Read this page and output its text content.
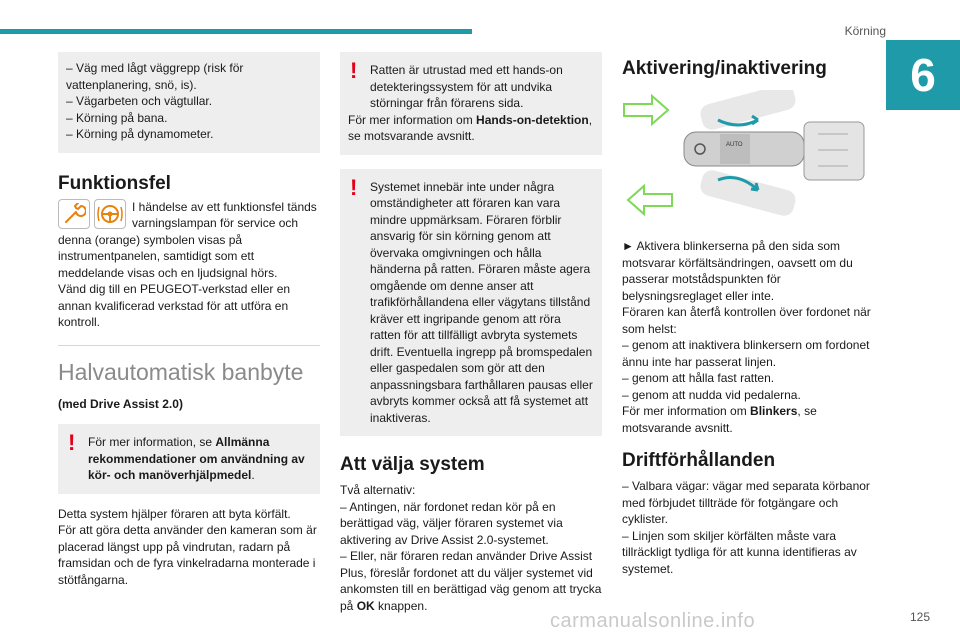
Körning
6

– Väg med lågt väggrepp (risk för vattenplanering, snö, is).

– Vägarbeten och vägtullar.

– Körning på bana.

– Körning på dynamometer.

Funktionsfel

I händelse av ett funktionsfel tänds varningslampan för service och denna (orange) symbolen visas på instrumentpanelen, samtidigt som ett meddelande visas och en ljudsignal hörs.

Vänd dig till en PEUGEOT-verkstad eller en annan kvalificerad verkstad för att utföra en kontroll.

Halvautomatisk banbyte

(med Drive Assist 2.0)

!	För mer information, se Allmänna rekommendationer om användning av kör- och manöverhjälpmedel.

Detta system hjälper föraren att byta körfält.

För att göra detta använder den kameran som är placerad längst upp på vindrutan, radarn på framsidan och de fyra vinkelradarna monterade i stötfångarna.

!	Ratten är utrustad med ett hands-on detekteringssystem för att undvika störningar från förarens sida.

För mer information om Hands-on-detektion, se motsvarande avsnitt.

!	Systemet innebär inte under några omständigheter att föraren kan vara mindre uppmärksam. Föraren förblir ansvarig för sin körning genom att övervaka omgivningen och hålla händerna på ratten. Föraren måste agera omgående om denne anser att trafikförhållandena eller vägytans tillstånd kräver ett ingripande genom att röra ratten för att tillfälligt avbryta systemets drift. Eventuella ingrepp på bromspedalen eller gaspedalen som gör att den anpassningsbara farthållaren pausas eller avbryts kommer också att få systemet att inaktiveras.

Att välja system

Två alternativ:

– Antingen, när fordonet redan kör på en berättigad väg, väljer föraren systemet via aktivering av Drive Assist 2.0-systemet.

– Eller, när föraren redan använder Drive Assist Plus, föreslår fordonet att du väljer systemet vid ankomsten till en berättigad väg genom att trycka på OK knappen.

Aktivering/inaktivering
AUTO

► Aktivera blinkerserna på den sida som motsvarar körfältsändringen, oavsett om du passerar motstådspunkten för belysningsreglaget eller inte.

Föraren kan återfå kontrollen över fordonet när som helst:

– genom att inaktivera blinkersern om fordonet ännu inte har passerat linjen.

– genom att hålla fast ratten.

– genom att nudda vid pedalerna.

För mer information om Blinkers, se motsvarande avsnitt.

Driftförhållanden

– Valbara vägar: vägar med separata körbanor med förbjudet tillträde för fotgängare och cyklister.

– Linjen som skiljer körfälten måste vara tillräckligt tydliga för att kunna identifieras av systemet.

carmanualsonline.info	125
